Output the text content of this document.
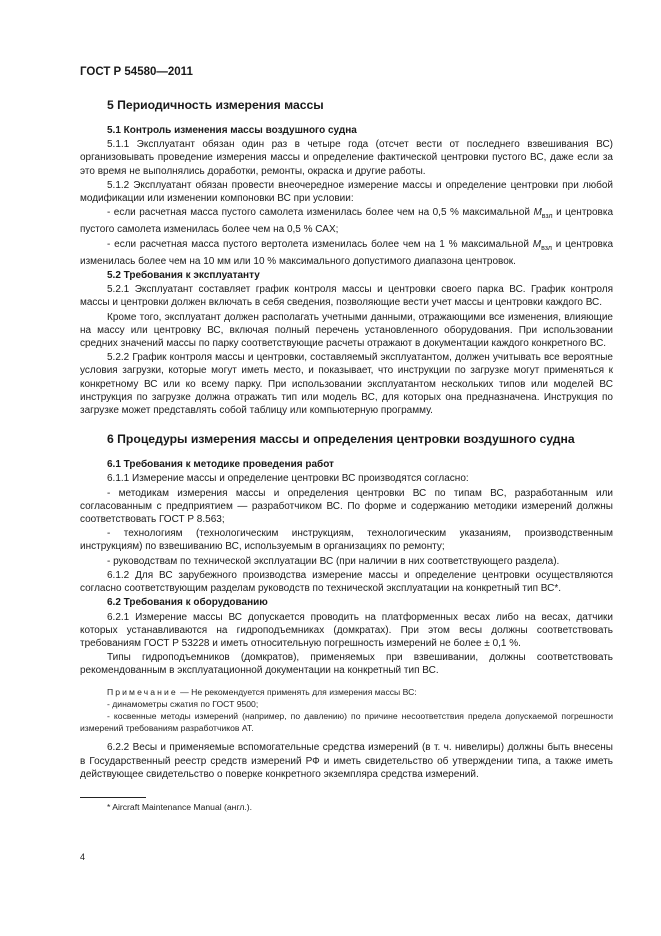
ГОСТ Р 54580—2011
5 Периодичность измерения массы
5.1 Контроль изменения массы воздушного судна

5.1.1 Эксплуатант обязан один раз в четыре года (отсчет вести от последнего взвешивания ВС) организовывать проведение измерения массы и определение фактической центровки пустого ВС, даже если за это время не выполнялись доработки, ремонты, окраска и другие работы.

5.1.2 Эксплуатант обязан провести внеочередное измерение массы и определение центровки при любой модификации или изменении компоновки ВС при условии:

- если расчетная масса пустого самолета изменилась более чем на 0,5 % максимальной $M_{взл}$ и центровка пустого самолета изменилась более чем на 0,5 % САХ;

- если расчетная масса пустого вертолета изменилась более чем на 1 % максимальной $M_{взл}$ и центровка изменилась более чем на 10 мм или 10 % максимального допустимого диапазона центровок.

5.2 Требования к эксплуатанту

5.2.1 Эксплуатант составляет график контроля массы и центровки своего парка ВС. График контроля массы и центровки должен включать в себя сведения, позволяющие вести учет массы и центровки каждого ВС.

Кроме того, эксплуатант должен располагать учетными данными, отражающими все изменения, влияющие на массу или центровку ВС, включая полный перечень установленного оборудования. При использовании средних значений массы по парку соответствующие расчеты отражают в документации каждого конкретного ВС.

5.2.2 График контроля массы и центровки, составляемый эксплуатантом, должен учитывать все вероятные условия загрузки, которые могут иметь место, и показывает, что инструкции по загрузке могут применяться к конкретному ВС или ко всему парку. При использовании эксплуатантом нескольких типов или моделей ВС инструкция по загрузке должна отражать тип или модель ВС, для которых она предназначена. Инструкция по загрузке может представлять собой таблицу или компьютерную программу.

6 Процедуры измерения массы и определения центровки воздушного судна
6.1 Требования к методике проведения работ

6.1.1 Измерение массы и определение центровки ВС производятся согласно:

- методикам измерения массы и определения центровки ВС по типам ВС, разработанным или согласованным с предприятием — разработчиком ВС. По форме и содержанию методики измерений должны соответствовать ГОСТ Р 8.563;

- технологиям (технологическим инструкциям, технологическим указаниям, производственным инструкциям) по взвешиванию ВС, используемым в организациях по ремонту;

- руководствам по технической эксплуатации ВС (при наличии в них соответствующего раздела).

6.1.2 Для ВС зарубежного производства измерение массы и определение центровки осуществляются согласно соответствующим разделам руководств по технической эксплуатации на конкретный тип ВС*.

6.2 Требования к оборудованию

6.2.1 Измерение массы ВС допускается проводить на платформенных весах либо на весах, датчики которых устанавливаются на гидроподъемниках (домкратах). При этом весы должны соответствовать требованиям ГОСТ Р 53228 и иметь относительную погрешность измерений не более ± 0,1 %.

Типы гидроподъемников (домкратов), применяемых при взвешивании, должны соответствовать рекомендованным в эксплуатационной документации на конкретный тип ВС.

Примечание — Не рекомендуется применять для измерения массы ВС:

- динамометры сжатия по ГОСТ 9500;

- косвенные методы измерений (например, по давлению) по причине несоответствия предела допускаемой погрешности измерений требованиям разработчиков АТ.

6.2.2 Весы и применяемые вспомогательные средства измерений (в т. ч. нивелиры) должны быть внесены в Государственный реестр средств измерений РФ и иметь свидетельство об утверждении типа, а также иметь действующее свидетельство о поверке конкретного экземпляра средства измерений.

* Aircraft Maintenance Manual (англ.).
4
